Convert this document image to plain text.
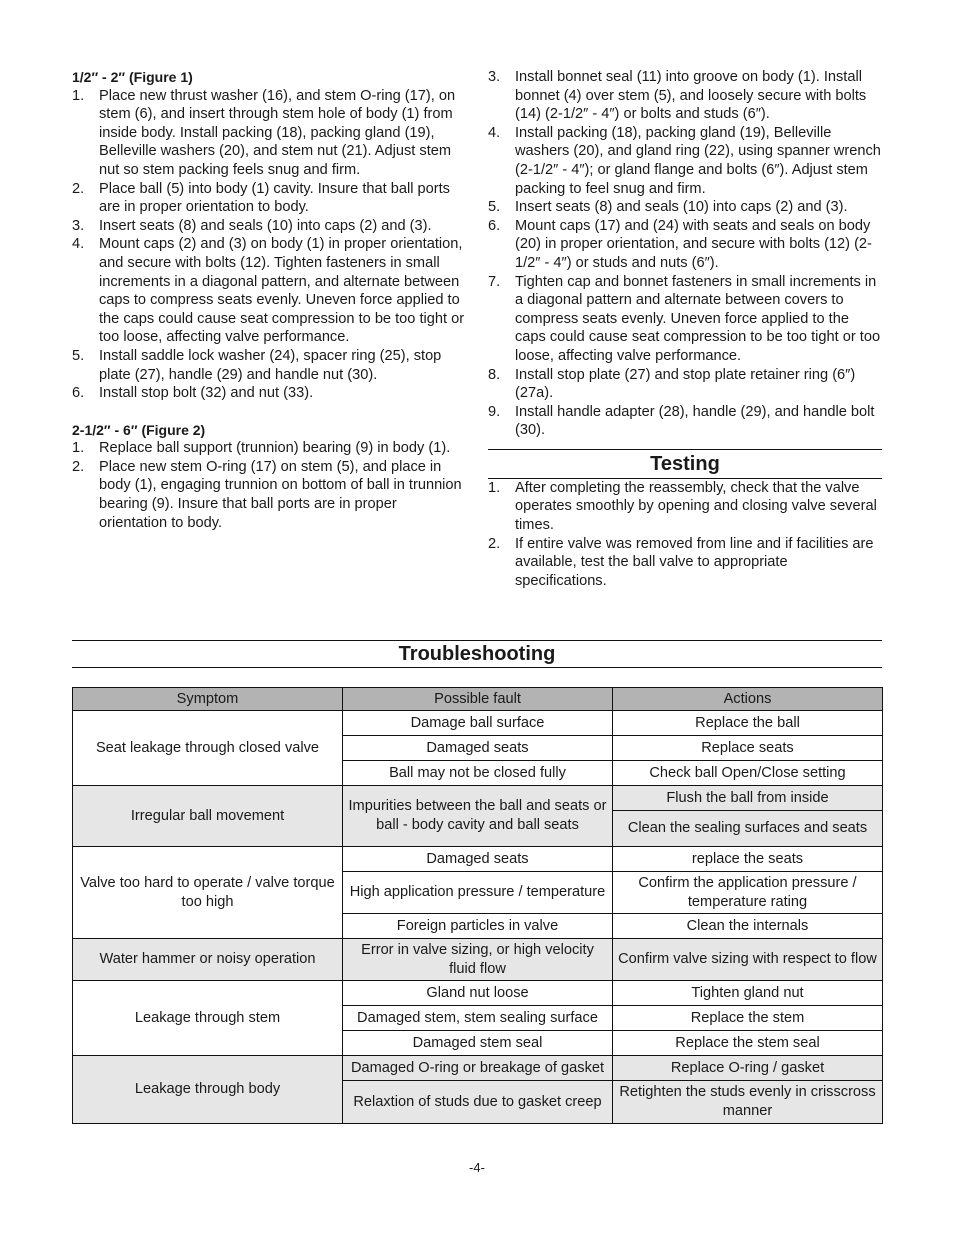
1/2″ - 2″ (Figure 1)
1. Place new thrust washer (16), and stem O-ring (17), on stem (6), and insert through stem hole of body (1) from inside body. Install packing (18), packing gland (19), Belleville washers (20), and stem nut (21). Adjust stem nut so stem packing feels snug and firm.
2. Place ball (5) into body (1) cavity. Insure that ball ports are in proper orientation to body.
3. Insert seats (8) and seals (10) into caps (2) and (3).
4. Mount caps (2) and (3) on body (1) in proper orientation, and secure with bolts (12). Tighten fasteners in small increments in a diagonal pattern, and alternate between caps to compress seats evenly. Uneven force applied to the caps could cause seat compression to be too tight or too loose, affecting valve performance.
5. Install saddle lock washer (24), spacer ring (25), stop plate (27), handle (29) and handle nut (30).
6. Install stop bolt (32) and nut (33).
2-1/2″ - 6″ (Figure 2)
1. Replace ball support (trunnion) bearing (9) in body (1).
2. Place new stem O-ring (17) on stem (5), and place in body (1), engaging trunnion on bottom of ball in trunnion bearing (9). Insure that ball ports are in proper orientation to body.
3. Install bonnet seal (11) into groove on body (1). Install bonnet (4) over stem (5), and loosely secure with bolts (14) (2-1/2″ - 4″) or bolts and studs (6″).
4. Install packing (18), packing gland (19), Belleville washers (20), and gland ring (22), using spanner wrench (2-1/2″ - 4″); or gland flange and bolts (6″). Adjust stem packing to feel snug and firm.
5. Insert seats (8) and seals (10) into caps (2) and (3).
6. Mount caps (17) and (24) with seats and seals on body (20) in proper orientation, and secure with bolts (12) (2-1/2″ - 4″) or studs and nuts (6″).
7. Tighten cap and bonnet fasteners in small increments in a diagonal pattern and alternate between covers to compress seats evenly. Uneven force applied to the caps could cause seat compression to be too tight or too loose, affecting valve performance.
8. Install stop plate (27) and stop plate retainer ring (6″)(27a).
9. Install handle adapter (28), handle (29), and handle bolt (30).
Testing
1. After completing the reassembly, check that the valve operates smoothly by opening and closing valve several times.
2. If entire valve was removed from line and if facilities are available, test the ball valve to appropriate specifications.
Troubleshooting
Symptom	Possible fault	Actions
Seat leakage through closed valve	Damage ball surface	Replace the ball
	Damaged seats	Replace seats
	Ball may not be closed fully	Check ball Open/Close setting
Irregular ball movement	Impurities between the ball and seats or ball - body cavity and ball seats	Flush the ball from inside
		Clean the sealing surfaces and seats
Valve too hard to operate / valve torque too high	Damaged seats	replace the seats
	High application pressure / temperature	Confirm the application pressure / temperature rating
	Foreign particles in valve	Clean the internals
Water hammer or noisy operation	Error in valve sizing, or high velocity fluid flow	Confirm valve sizing with respect to flow
Leakage through stem	Gland nut loose	Tighten gland nut
	Damaged stem, stem sealing surface	Replace the stem
	Damaged stem seal	Replace the stem seal
Leakage through body	Damaged O-ring or breakage of gasket	Replace O-ring / gasket
	Relaxtion of studs due to gasket creep	Retighten the studs evenly in crisscross manner
-4-
